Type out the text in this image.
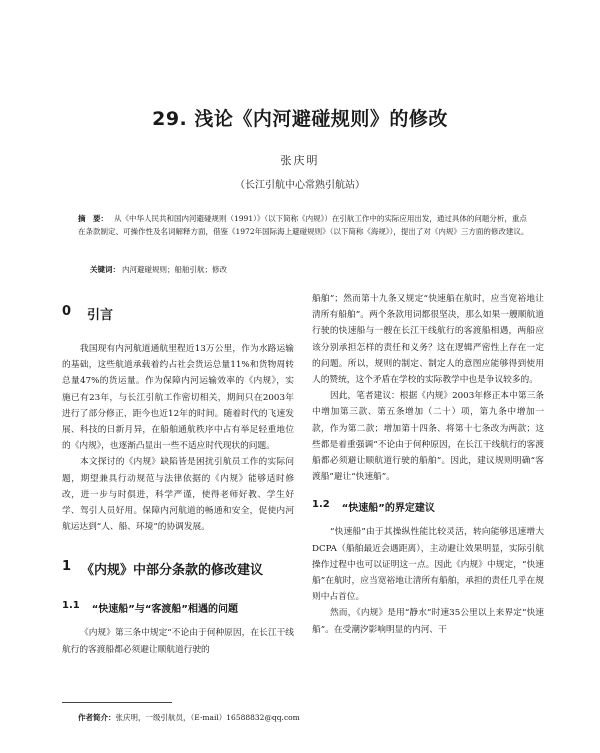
29. 浅论《内河避碰规则》的修改
张庆明
（长江引航中心常熟引航站）
摘　要： 从《中华人民共和国内河避碰规则（1991）》（以下简称《内规》）在引航工作中的实际应用出发，通过具体的问题分析，重点在条款制定、可操作性及名词解释方面，借鉴《1972年国际海上避碰规则》（以下简称《海规》），提出了对《内规》三方面的修改建议。
关键词： 内河避碰规则；船舶引航；修改
0 引言

我国现有内河航道通航里程近13万公里，作为水路运输的基础，这些航道承载着约占社会货运总量11%和货物周转总量47%的货运量。作为保障内河运输效率的《内规》，实施已有23年，与长江引航工作密切相关，期间只在2003年进行了部分修正，距今也近12年的时间。随着时代的飞速发展、科技的日新月异，在船舶通航秩序中占有举足轻重地位的《内规》，也逐渐凸显出一些不适应时代现状的问题。

本文探讨的《内规》缺陷皆是困扰引航员工作的实际问题，期望兼具行动规范与法律依据的《内规》能够适时修改，进一步与时俱进，科学严谨，使得老师好教、学生好学、驾引人员好用。保障内河航道的畅通和安全，促使内河航运达到“人、船、环境”的协调发展。

1 《内规》中部分条款的修改建议
1.1 “快速船”与“客渡船”相遇的问题

《内规》第三条中规定“不论由于何种原因，在长江干线航行的客渡船都必须避让顺航道行驶的

船舶”；然而第十九条又规定“快速船在航时，应当宽裕地让清所有船舶”。两个条款用词都很坚决，那么如果一艘顺航道行驶的快速船与一艘在长江干线航行的客渡船相遇，两船应该分别承担怎样的责任和义务？这在逻辑严密性上存在一定的问题。所以，规则的制定、制定人的意图应能够得到使用人的赞统，这个矛盾在学校的实际教学中也是争议较多的。

因此，笔者建议：根据《内规》2003年修正本中第三条中增加第三款、第五条增加（二十）项，第九条中增加一款，作为第二款；增加第十四条、将第十七条改为两款；这些都是着重强调“不论由于何种原因，在长江干线航行的客渡船都必须避让顺航道行驶的船舶”。因此，建议规则明确“客渡船”避让“快速船”。

1.2 “快速船”的界定建议

“快速船”由于其操纵性能比较灵活，转向能够迅速增大DCPA（船舶最近会遇距离），主动避让效果明显，实际引航操作过程中也可以证明这一点。因此《内规》中规定，“快速船”在航时，应当宽裕地让清所有船舶，承担的责任几乎在规则中占首位。

然而，《内规》是用“静水”时速35公里以上来界定“快速船”。在受潮汐影响明显的内河、干

作者简介：张庆明，一级引航员，（E-mail）16588832@qq.com
